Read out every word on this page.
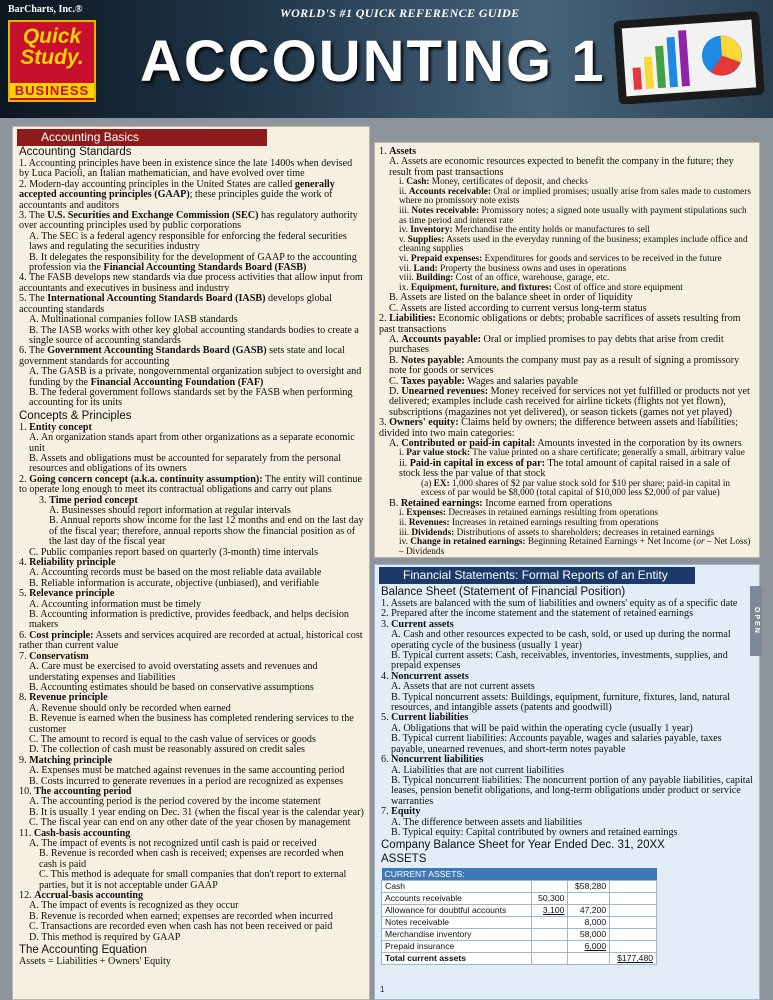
BarCharts, Inc.®
Quick
Study.
BUSINESS
WORLD'S #1 QUICK REFERENCE GUIDE
ACCOUNTING 1
Accounting Basics
Accounting Standards
1. Accounting principles have been in existence since the late 1400s when devised by Luca Pacioli, an Italian mathematician, and have evolved over time
2. Modern-day accounting principles in the United States are called generally accepted accounting principles (GAAP); these principles guide the work of accountants and auditors
3. The U.S. Securities and Exchange Commission (SEC) has regulatory authority over accounting principles used by public corporations
A. The SEC is a federal agency responsible for enforcing the federal securities laws and regulating the securities industry
B. It delegates the responsibility for the development of GAAP to the accounting profession via the Financial Accounting Standards Board (FASB)
4. The FASB develops new standards via due process activities that allow input from accountants and executives in business and industry
5. The International Accounting Standards Board (IASB) develops global accounting standards
A. Multinational companies follow IASB standards
B. The IASB works with other key global accounting standards bodies to create a single source of accounting standards
6. The Government Accounting Standards Board (GASB) sets state and local government standards for accounting
A. The GASB is a private, nongovernmental organization subject to oversight and funding by the Financial Accounting Foundation (FAF)
B. The federal government follows standards set by the FASB when performing accounting for its units
Concepts & Principles
1. Entity concept
A. An organization stands apart from other organizations as a separate economic unit
B. Assets and obligations must be accounted for separately from the personal resources and obligations of its owners
2. Going concern concept (a.k.a. continuity assumption): The entity will continue to operate long enough to meet its contractual obligations and carry out plans
3. Time period concept
A. Businesses should report information at regular intervals
B. Annual reports show income for the last 12 months and end on the last day of the fiscal year; therefore, annual reports show the financial position as of the last day of the fiscal year
C. Public companies report based on quarterly (3-month) time intervals
4. Reliability principle
A. Accounting records must be based on the most reliable data available
B. Reliable information is accurate, objective (unbiased), and verifiable
5. Relevance principle
A. Accounting information must be timely
B. Accounting information is predictive, provides feedback, and helps decision makers
6. Cost principle: Assets and services acquired are recorded at actual, historical cost rather than current value
7. Conservatism
A. Care must be exercised to avoid overstating assets and revenues and understating expenses and liabilities
B. Accounting estimates should be based on conservative assumptions
8. Revenue principle
A. Revenue should only be recorded when earned
B. Revenue is earned when the business has completed rendering services to the customer
C. The amount to record is equal to the cash value of services or goods
D. The collection of cash must be reasonably assured on credit sales
9. Matching principle
A. Expenses must be matched against revenues in the same accounting period
B. Costs incurred to generate revenues in a period are recognized as expenses
10. The accounting period
A. The accounting period is the period covered by the income statement
B. It is usually 1 year ending on Dec. 31 (when the fiscal year is the calendar year)
C. The fiscal year can end on any other date of the year chosen by management
11. Cash-basis accounting
A. The impact of events is not recognized until cash is paid or received
B. Revenue is recorded when cash is received; expenses are recorded when cash is paid
C. This method is adequate for small companies that don't report to external parties, but it is not acceptable under GAAP
12. Accrual-basis accounting
A. The impact of events is recognized as they occur
B. Revenue is recorded when earned; expenses are recorded when incurred
C. Transactions are recorded even when cash has not been received or paid
D. This method is required by GAAP
The Accounting Equation
Assets = Liabilities + Owners' Equity
1. Assets
A. Assets are economic resources expected to benefit the company in the future; they result from past transactions
i. Cash: Money, certificates of deposit, and checks
ii. Accounts receivable: Oral or implied promises; usually arise from sales made to customers where no promissory note exists
iii. Notes receivable: Promissory notes; a signed note usually with payment stipulations such as time period and interest rate
iv. Inventory: Merchandise the entity holds or manufactures to sell
v. Supplies: Assets used in the everyday running of the business; examples include office and cleaning supplies
vi. Prepaid expenses: Expenditures for goods and services to be received in the future
vii. Land: Property the business owns and uses in operations
viii. Building: Cost of an office, warehouse, garage, etc.
ix. Equipment, furniture, and fixtures: Cost of office and store equipment
B. Assets are listed on the balance sheet in order of liquidity
C. Assets are listed according to current versus long-term status
2. Liabilities: Economic obligations or debts; probable sacrifices of assets resulting from past transactions
A. Accounts payable: Oral or implied promises to pay debts that arise from credit purchases
B. Notes payable: Amounts the company must pay as a result of signing a promissory note for goods or services
C. Taxes payable: Wages and salaries payable
D. Unearned revenues: Money received for services not yet fulfilled or products not yet delivered; examples include cash received for airline tickets (flights not yet flown), subscriptions (magazines not yet delivered), or season tickets (games not yet played)
3. Owners' equity: Claims held by owners; the difference between assets and liabilities; divided into two main categories:
A. Contributed or paid-in capital: Amounts invested in the corporation by its owners
i. Par value stock: The value printed on a share certificate; generally a small, arbitrary value
ii. Paid-in capital in excess of par: The total amount of capital raised in a sale of stock less the par value of that stock
(a) EX: 1,000 shares of $2 par value stock sold for $10 per share; paid-in capital in excess of par would be $8,000 (total capital of $10,000 less $2,000 of par value)
B. Retained earnings: Income earned from operations
i. Expenses: Decreases in retained earnings resulting from operations
ii. Revenues: Increases in retained earnings resulting from operations
iii. Dividends: Distributions of assets to shareholders; decreases in retained earnings
iv. Change in retained earnings: Beginning Retained Earnings + Net Income (or – Net Loss) – Dividends
Financial Statements: Formal Reports of an Entity
Balance Sheet (Statement of Financial Position)
1. Assets are balanced with the sum of liabilities and owners' equity as of a specific date
2. Prepared after the income statement and the statement of retained earnings
3. Current assets
A. Cash and other resources expected to be cash, sold, or used up during the normal operating cycle of the business (usually 1 year)
B. Typical current assets: Cash, receivables, inventories, investments, supplies, and prepaid expenses
4. Noncurrent assets
A. Assets that are not current assets
B. Typical noncurrent assets: Buildings, equipment, furniture, fixtures, land, natural resources, and intangible assets (patents and goodwill)
5. Current liabilities
A. Obligations that will be paid within the operating cycle (usually 1 year)
B. Typical current liabilities: Accounts payable, wages and salaries payable, taxes payable, unearned revenues, and short-term notes payable
6. Noncurrent liabilities
A. Liabilities that are not current liabilities
B. Typical noncurrent liabilities: The noncurrent portion of any payable liabilities, capital leases, pension benefit obligations, and long-term obligations under product or service warranties
7. Equity
A. The difference between assets and liabilities
B. Typical equity: Capital contributed by owners and retained earnings
Company Balance Sheet for Year Ended Dec. 31, 20XX
ASSETS
CURRENT ASSETS:			
Cash		$58,280	
Accounts receivable	50,300		
Allowance for doubtful accounts	3,100	47,200	
Notes receivable		8,000	
Merchandise inventory		58,000	
Prepaid insurance		6,000	
Total current assets			$177,480
OPEN
1
